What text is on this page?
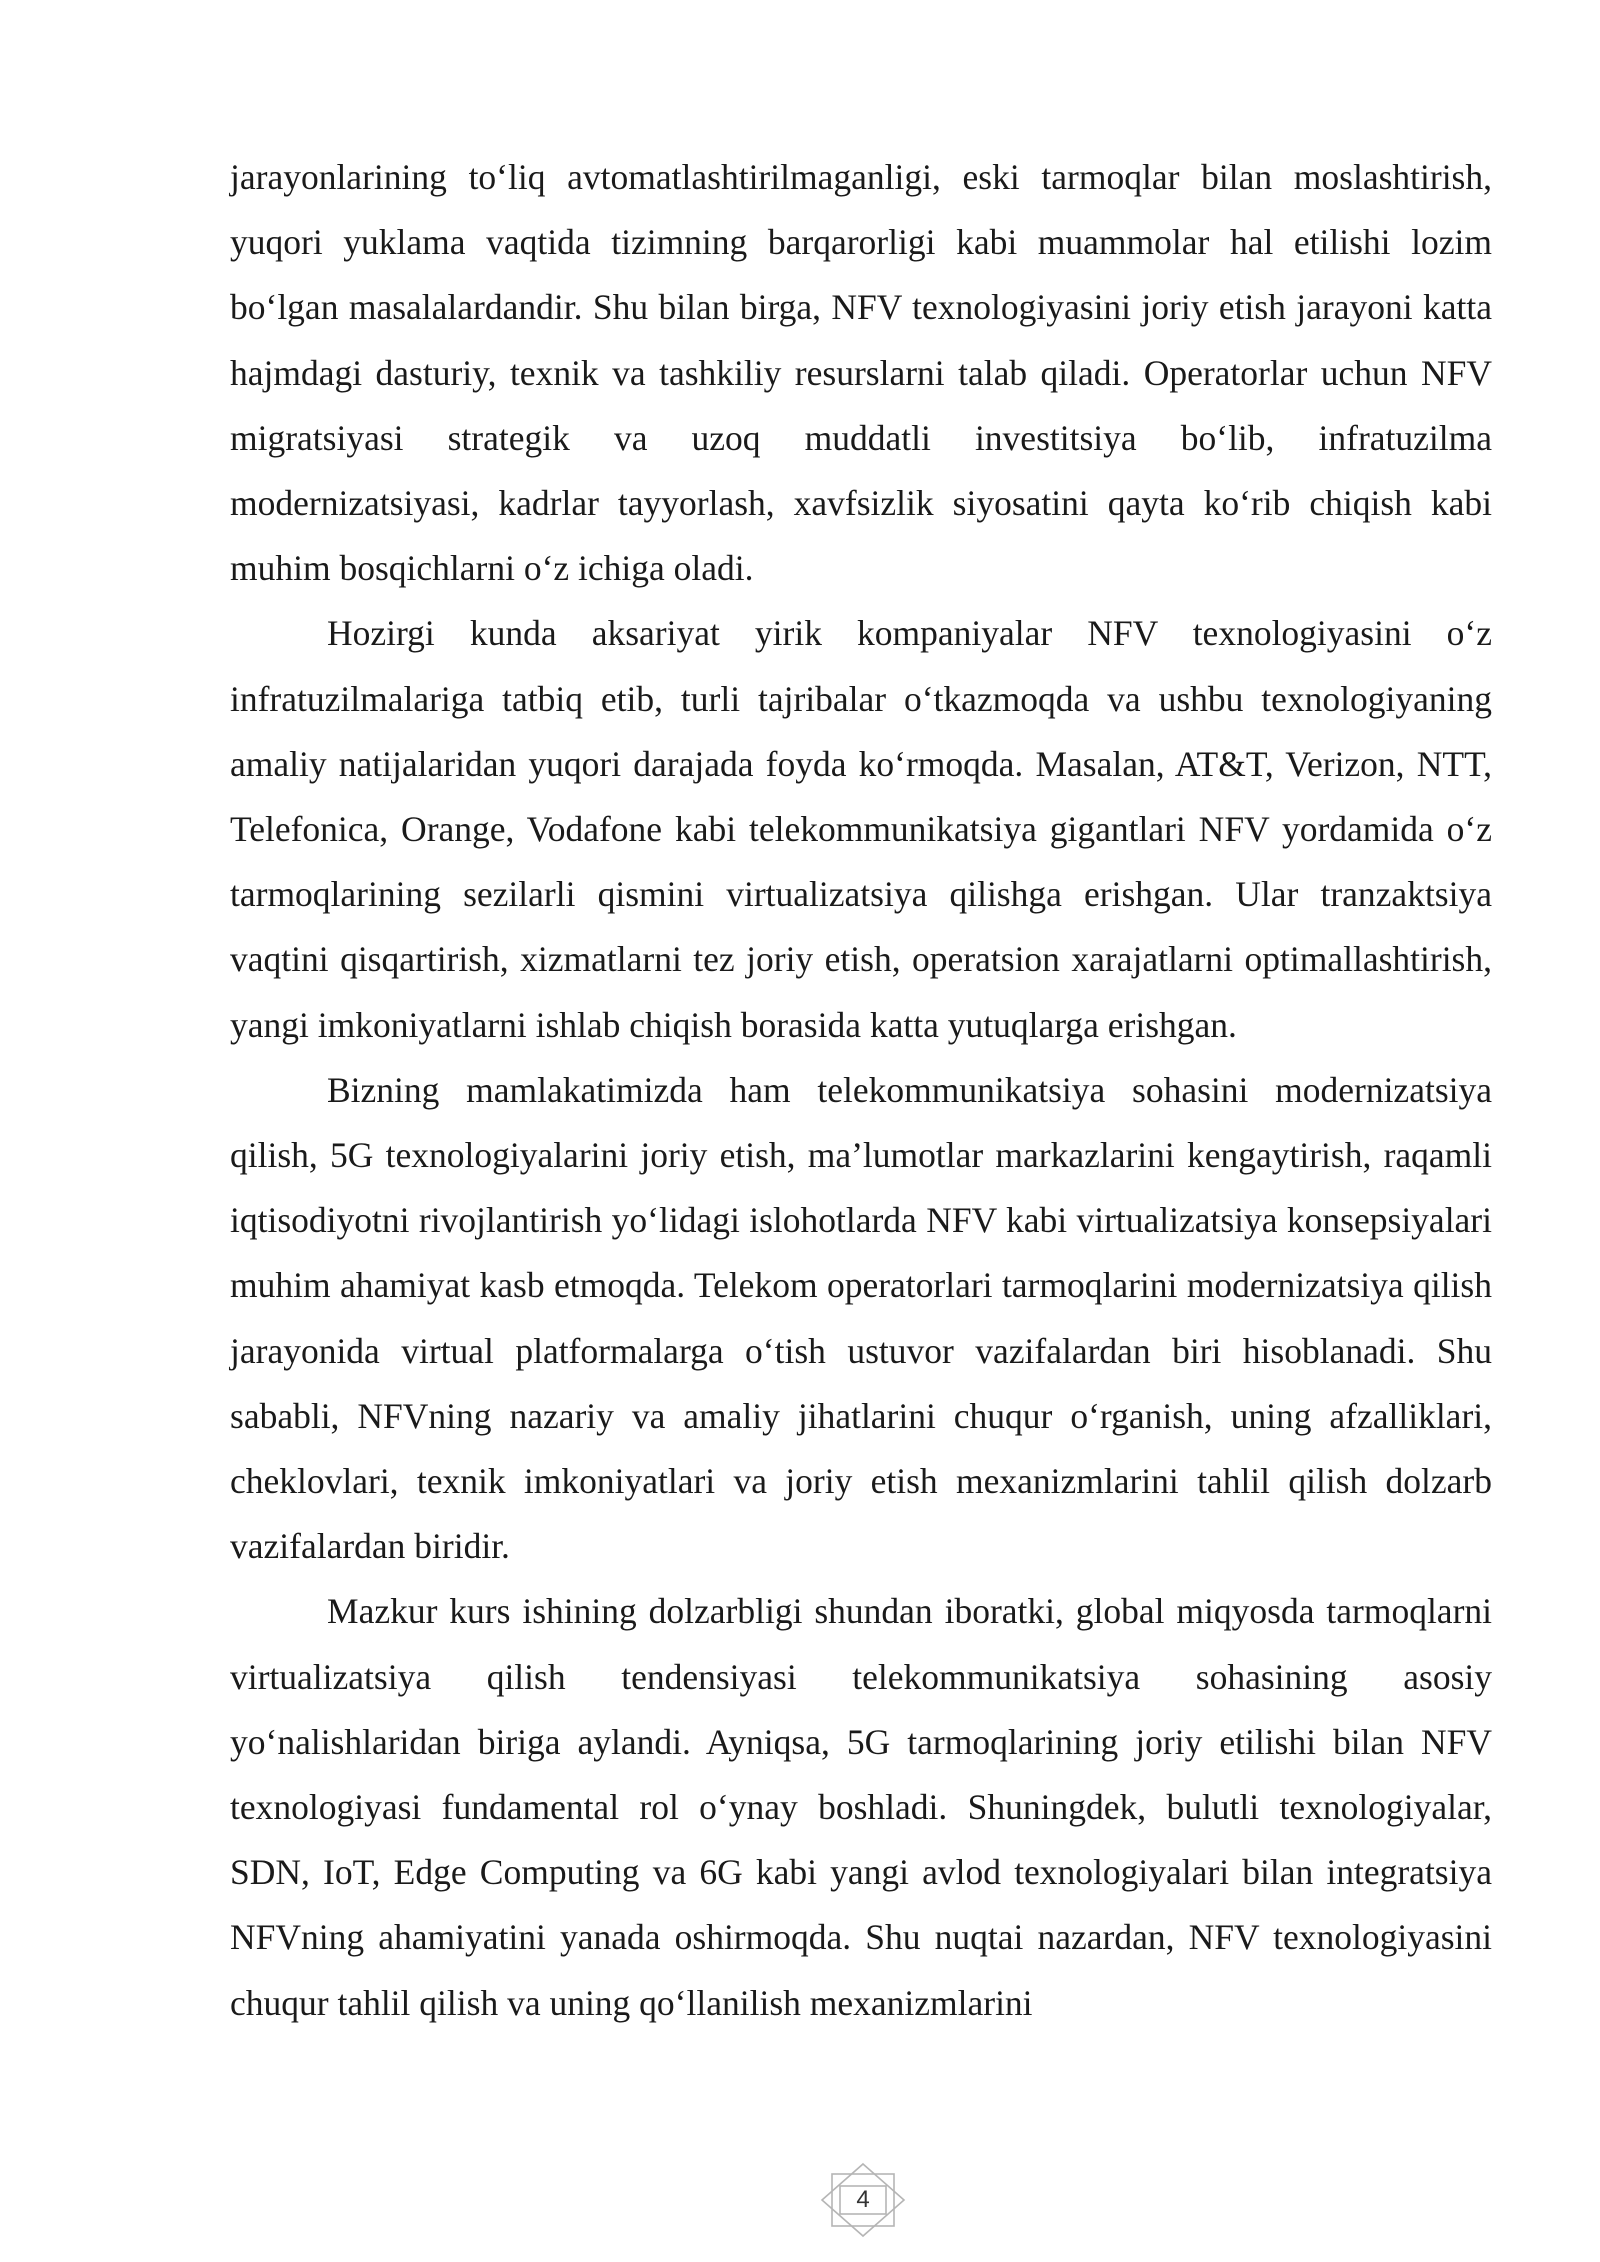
jarayonlarining to‘liq avtomatlashtirilmaganligi, eski tarmoqlar bilan moslashtirish, yuqori yuklama vaqtida tizimning barqarorligi kabi muammolar hal etilishi lozim bo‘lgan masalalardandir. Shu bilan birga, NFV texnologiyasini joriy etish jarayoni katta hajmdagi dasturiy, texnik va tashkiliy resurslarni talab qiladi. Operatorlar uchun NFV migratsiyasi strategik va uzoq muddatli investitsiya bo‘lib, infratuzilma modernizatsiyasi, kadrlar tayyorlash, xavfsizlik siyosatini qayta ko‘rib chiqish kabi muhim bosqichlarni o‘z ichiga oladi.

Hozirgi kunda aksariyat yirik kompaniyalar NFV texnologiyasini o‘z infratuzilmalariga tatbiq etib, turli tajribalar o‘tkazmoqda va ushbu texnologiyaning amaliy natijalaridan yuqori darajada foyda ko‘rmoqda. Masalan, AT&T, Verizon, NTT, Telefonica, Orange, Vodafone kabi telekommunikatsiya gigantlari NFV yordamida o‘z tarmoqlarining sezilarli qismini virtualizatsiya qilishga erishgan. Ular tranzaktsiya vaqtini qisqartirish, xizmatlarni tez joriy etish, operatsion xarajatlarni optimallashtirish, yangi imkoniyatlarni ishlab chiqish borasida katta yutuqlarga erishgan.

Bizning mamlakatimizda ham telekommunikatsiya sohasini modernizatsiya qilish, 5G texnologiyalarini joriy etish, ma’lumotlar markazlarini kengaytirish, raqamli iqtisodiyotni rivojlantirish yo‘lidagi islohotlarda NFV kabi virtualizatsiya konsepsiyalari muhim ahamiyat kasb etmoqda. Telekom operatorlari tarmoqlarini modernizatsiya qilish jarayonida virtual platformalarga o‘tish ustuvor vazifalardan biri hisoblanadi. Shu sababli, NFVning nazariy va amaliy jihatlarini chuqur o‘rganish, uning afzalliklari, cheklovlari, texnik imkoniyatlari va joriy etish mexanizmlarini tahlil qilish dolzarb vazifalardan biridir.

Mazkur kurs ishining dolzarbligi shundan iboratki, global miqyosda tarmoqlarni virtualizatsiya qilish tendensiyasi telekommunikatsiya sohasining asosiy yo‘nalishlaridan biriga aylandi. Ayniqsa, 5G tarmoqlarining joriy etilishi bilan NFV texnologiyasi fundamental rol o‘ynay boshladi. Shuningdek, bulutli texnologiyalar, SDN, IoT, Edge Computing va 6G kabi yangi avlod texnologiyalari bilan integratsiya NFVning ahamiyatini yanada oshirmoqda. Shu nuqtai nazardan, NFV texnologiyasini chuqur tahlil qilish va uning qo‘llanilish mexanizmlarini

4
